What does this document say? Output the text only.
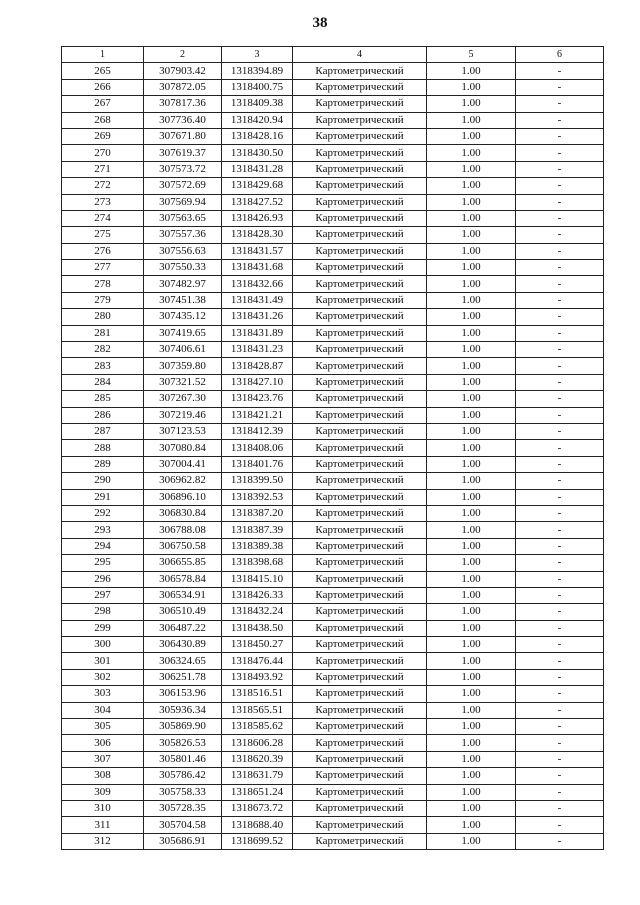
38
1	2	3	4	5	6
265	307903.42	1318394.89	Картометрический	1.00	-
266	307872.05	1318400.75	Картометрический	1.00	-
267	307817.36	1318409.38	Картометрический	1.00	-
268	307736.40	1318420.94	Картометрический	1.00	-
269	307671.80	1318428.16	Картометрический	1.00	-
270	307619.37	1318430.50	Картометрический	1.00	-
271	307573.72	1318431.28	Картометрический	1.00	-
272	307572.69	1318429.68	Картометрический	1.00	-
273	307569.94	1318427.52	Картометрический	1.00	-
274	307563.65	1318426.93	Картометрический	1.00	-
275	307557.36	1318428.30	Картометрический	1.00	-
276	307556.63	1318431.57	Картометрический	1.00	-
277	307550.33	1318431.68	Картометрический	1.00	-
278	307482.97	1318432.66	Картометрический	1.00	-
279	307451.38	1318431.49	Картометрический	1.00	-
280	307435.12	1318431.26	Картометрический	1.00	-
281	307419.65	1318431.89	Картометрический	1.00	-
282	307406.61	1318431.23	Картометрический	1.00	-
283	307359.80	1318428.87	Картометрический	1.00	-
284	307321.52	1318427.10	Картометрический	1.00	-
285	307267.30	1318423.76	Картометрический	1.00	-
286	307219.46	1318421.21	Картометрический	1.00	-
287	307123.53	1318412.39	Картометрический	1.00	-
288	307080.84	1318408.06	Картометрический	1.00	-
289	307004.41	1318401.76	Картометрический	1.00	-
290	306962.82	1318399.50	Картометрический	1.00	-
291	306896.10	1318392.53	Картометрический	1.00	-
292	306830.84	1318387.20	Картометрический	1.00	-
293	306788.08	1318387.39	Картометрический	1.00	-
294	306750.58	1318389.38	Картометрический	1.00	-
295	306655.85	1318398.68	Картометрический	1.00	-
296	306578.84	1318415.10	Картометрический	1.00	-
297	306534.91	1318426.33	Картометрический	1.00	-
298	306510.49	1318432.24	Картометрический	1.00	-
299	306487.22	1318438.50	Картометрический	1.00	-
300	306430.89	1318450.27	Картометрический	1.00	-
301	306324.65	1318476.44	Картометрический	1.00	-
302	306251.78	1318493.92	Картометрический	1.00	-
303	306153.96	1318516.51	Картометрический	1.00	-
304	305936.34	1318565.51	Картометрический	1.00	-
305	305869.90	1318585.62	Картометрический	1.00	-
306	305826.53	1318606.28	Картометрический	1.00	-
307	305801.46	1318620.39	Картометрический	1.00	-
308	305786.42	1318631.79	Картометрический	1.00	-
309	305758.33	1318651.24	Картометрический	1.00	-
310	305728.35	1318673.72	Картометрический	1.00	-
311	305704.58	1318688.40	Картометрический	1.00	-
312	305686.91	1318699.52	Картометрический	1.00	-
